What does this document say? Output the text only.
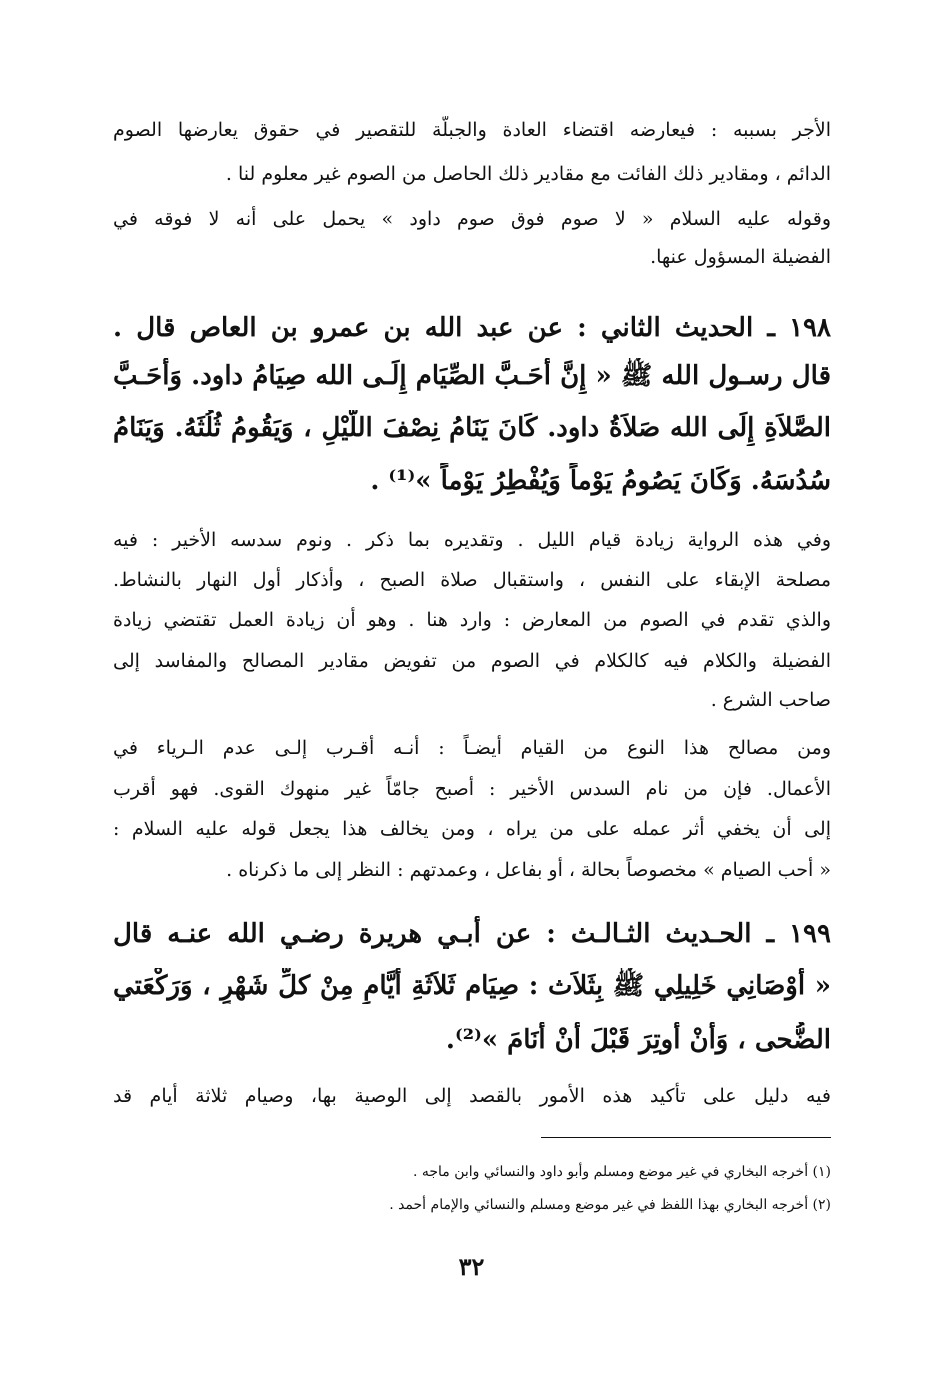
الأجر بسببه : فيعارضه اقتضاء العادة والجبلّة للتقصير في حقوق يعارضها الصوم
الدائم ، ومقادير ذلك الفائت مع مقادير ذلك الحاصل من الصوم غير معلوم لنا .
وقوله عليه السلام « لا صوم فوق صوم داود » يحمل على أنه لا فوقه في
الفضيلة المسؤول عنها.
١٩٨ ـ الحديث الثاني : عن عبد الله بن عمرو بن العاص قال .
قال رسـول الله ﷺ « إِنَّ أَحَـبَّ الصِّيَام إِلَـى الله صِيَامُ داود. وَأَحَـبَّ
الصَّلاَةِ إِلَى الله صَلاَةُ داود. كَانَ يَنَامُ نِصْفَ اللَّيْلِ ، وَيَقُومُ ثُلُثَهُ. وَيَنَامُ
سُدُسَهُ. وَكَانَ يَصُومُ يَوْماً وَيُفْطِرُ يَوْماً »⁽¹⁾ .
وفي هذه الرواية زيادة قيام الليل . وتقديره بما ذكر . ونوم سدسه الأخير : فيه
مصلحة الإبقاء على النفس ، واستقبال صلاة الصبح ، وأذكار أول النهار بالنشاط.
والذي تقدم في الصوم من المعارض : وارد هنا . وهو أن زيادة العمل تقتضي زيادة
الفضيلة والكلام فيه كالكلام في الصوم من تفويض مقادير المصالح والمفاسد إلى
صاحب الشرع .
ومن مصالح هذا النوع من القيام أيضـاً : أنـه أقـرب إلـى عدم الـرياء في
الأعمال. فإن من نام السدس الأخير : أصبح جامّاً غير منهوك القوى. فهو أقرب
إلى أن يخفي أثر عمله على من يراه ، ومن يخالف هذا يجعل قوله عليه السلام :
« أحب الصيام » مخصوصاً بحالة ، أو بفاعل ، وعمدتهم : النظر إلى ما ذكرناه .
١٩٩ ـ الحـديث الثـالـث : عن أبـي هريرة رضـي الله عنـه قال
« أَوْصَانِي خَلِيلِي ﷺ بِثَلاَث : صِيَام ثَلاَثَةِ أَيَّامٍ مِنْ كلِّ شَهْرٍ ، وَرَكْعَتي
الضُّحى ، وَأَنْ أُوتِرَ قَبْلَ أَنْ أَنَامَ »⁽²⁾.
فيه دليل على تأكيد هذه الأمور بالقصد إلى الوصية بها، وصيام ثلاثة أيام قد
(١) أخرجه البخاري في غير موضع ومسلم وأبو داود والنسائي وابن ماجه .
(٢) أخرجه البخاري بهذا اللفظ في غير موضع ومسلم والنسائي والإمام أحمد .
٣٢
